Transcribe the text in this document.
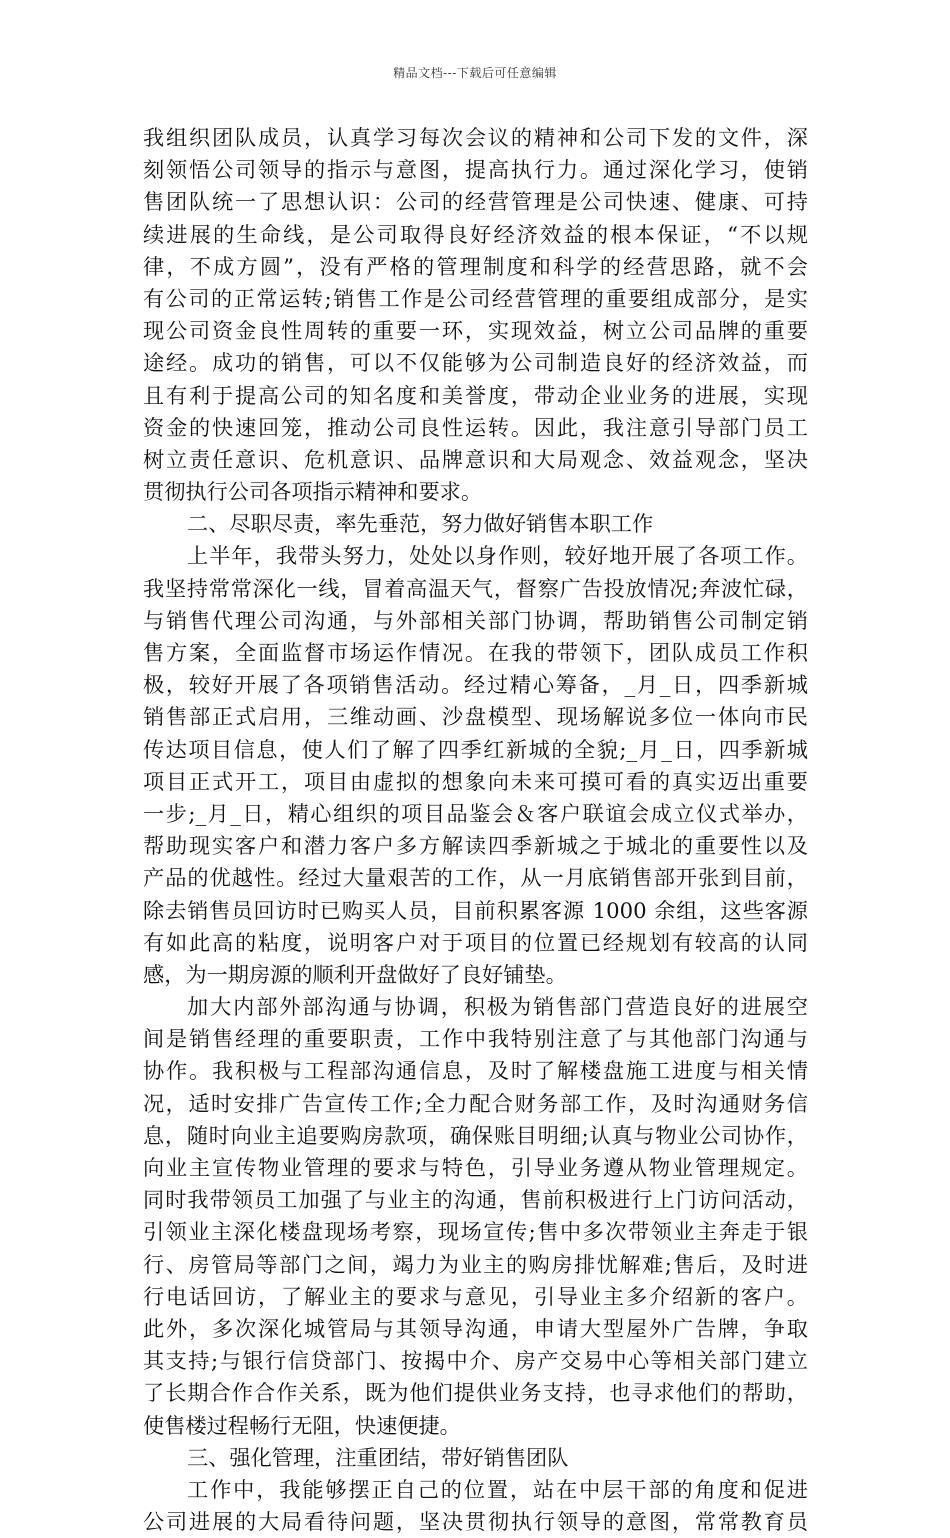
精品文档---下载后可任意编辑
我组织团队成员，认真学习每次会议的精神和公司下发的文件，深
刻领悟公司领导的指示与意图，提高执行力。通过深化学习，使销
售团队统一了思想认识：公司的经营管理是公司快速、健康、可持
续进展的生命线，是公司取得良好经济效益的根本保证，“不以规
律，不成方圆”，没有严格的管理制度和科学的经营思路，就不会
有公司的正常运转;销售工作是公司经营管理的重要组成部分，是实
现公司资金良性周转的重要一环，实现效益，树立公司品牌的重要
途经。成功的销售，可以不仅能够为公司制造良好的经济效益，而
且有利于提高公司的知名度和美誉度，带动企业业务的进展，实现
资金的快速回笼，推动公司良性运转。因此，我注意引导部门员工
树立责任意识、危机意识、品牌意识和大局观念、效益观念，坚决
贯彻执行公司各项指示精神和要求。
二、尽职尽责，率先垂范，努力做好销售本职工作
上半年，我带头努力，处处以身作则，较好地开展了各项工作。
我坚持常常深化一线，冒着高温天气，督察广告投放情况;奔波忙碌，
与销售代理公司沟通，与外部相关部门协调，帮助销售公司制定销
售方案，全面监督市场运作情况。在我的带领下，团队成员工作积
极，较好开展了各项销售活动。经过精心筹备，_月_日，四季新城
销售部正式启用，三维动画、沙盘模型、现场解说多位一体向市民
传达项目信息，使人们了解了四季红新城的全貌;_月_日，四季新城
项目正式开工，项目由虚拟的想象向未来可摸可看的真实迈出重要
一步;_月_日，精心组织的项目品鉴会＆客户联谊会成立仪式举办，
帮助现实客户和潜力客户多方解读四季新城之于城北的重要性以及
产品的优越性。经过大量艰苦的工作，从一月底销售部开张到目前，
除去销售员回访时已购买人员，目前积累客源 1000 余组，这些客源
有如此高的粘度，说明客户对于项目的位置已经规划有较高的认同
感，为一期房源的顺利开盘做好了良好铺垫。
加大内部外部沟通与协调，积极为销售部门营造良好的进展空
间是销售经理的重要职责，工作中我特别注意了与其他部门沟通与
协作。我积极与工程部沟通信息，及时了解楼盘施工进度与相关情
况，适时安排广告宣传工作;全力配合财务部工作，及时沟通财务信
息，随时向业主追要购房款项，确保账目明细;认真与物业公司协作，
向业主宣传物业管理的要求与特色，引导业务遵从物业管理规定。
同时我带领员工加强了与业主的沟通，售前积极进行上门访问活动，
引领业主深化楼盘现场考察，现场宣传;售中多次带领业主奔走于银
行、房管局等部门之间，竭力为业主的购房排忧解难;售后，及时进
行电话回访，了解业主的要求与意见，引导业主多介绍新的客户。
此外，多次深化城管局与其领导沟通，申请大型屋外广告牌，争取
其支持;与银行信贷部门、按揭中介、房产交易中心等相关部门建立
了长期合作合作关系，既为他们提供业务支持，也寻求他们的帮助，
使售楼过程畅行无阻，快速便捷。
三、强化管理，注重团结，带好销售团队
工作中，我能够摆正自己的位置，站在中层干部的角度和促进
公司进展的大局看待问题，坚决贯彻执行领导的意图，常常教育员
